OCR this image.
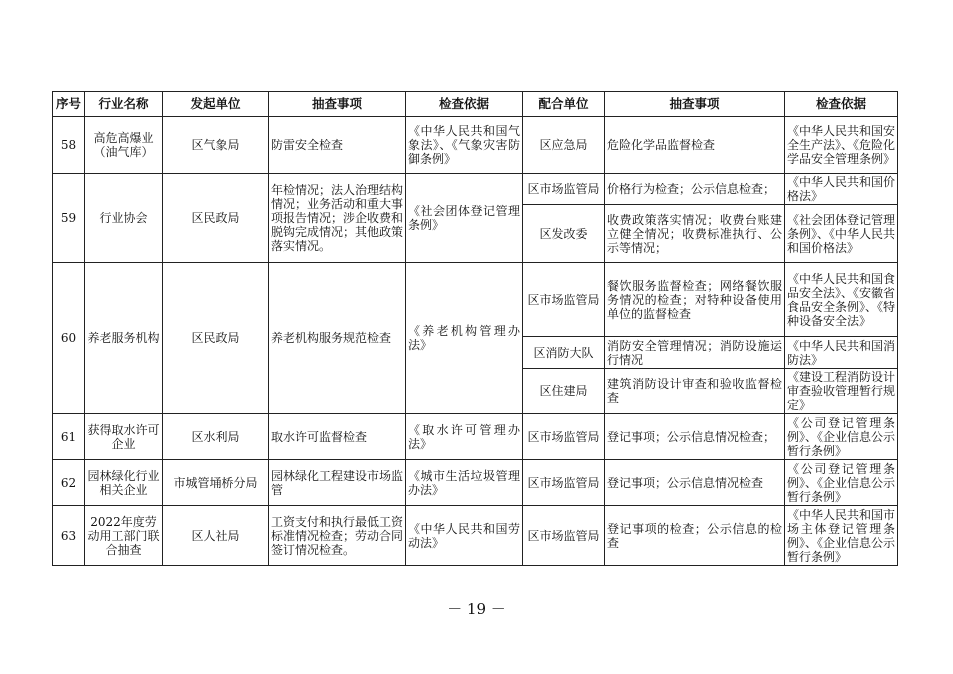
序号	行业名称	发起单位	抽查事项	检查依据	配合单位	抽查事项	检查依据
58	高危高爆业（油气库）	区气象局	防雷安全检查	《中华人民共和国气象法》、《气象灾害防御条例》	区应急局	危险化学品监督检查	《中华人民共和国安全生产法》、《危险化学品安全管理条例》
59	行业协会	区民政局	年检情况；法人治理结构情况；业务活动和重大事项报告情况；涉企收费和脱钩完成情况；其他政策落实情况。	《社会团体登记管理条例》	区市场监管局	价格行为检查；公示信息检查；	《中华人民共和国价格法》
					区发改委	收费政策落实情况；收费台账建立健全情况；收费标准执行、公示等情况；	《社会团体登记管理条例》、《中华人民共和国价格法》
60	养老服务机构	区民政局	养老机构服务规范检查	《养老机构管理办法》	区市场监管局	餐饮服务监督检查；网络餐饮服务情况的检查；对特种设备使用单位的监督检查	《中华人民共和国食品安全法》、《安徽省食品安全条例》、《特种设备安全法》
					区消防大队	消防安全管理情况；消防设施运行情况	《中华人民共和国消防法》
					区住建局	建筑消防设计审查和验收监督检查	《建设工程消防设计审查验收管理暂行规定》
61	获得取水许可企业	区水利局	取水许可监督检查	《取水许可管理办法》	区市场监管局	登记事项；公示信息情况检查；	《公司登记管理条例》、《企业信息公示暂行条例》
62	园林绿化行业相关企业	市城管埇桥分局	园林绿化工程建设市场监管	《城市生活垃圾管理办法》	区市场监管局	登记事项；公示信息情况检查	《公司登记管理条例》、《企业信息公示暂行条例》
63	2022年度劳动用工部门联合抽查	区人社局	工资支付和执行最低工资标准情况检查；劳动合同签订情况检查。	《中华人民共和国劳动法》	区市场监管局	登记事项的检查；公示信息的检查	《中华人民共和国市场主体登记管理条例》、《企业信息公示暂行条例》
－ 19 －
